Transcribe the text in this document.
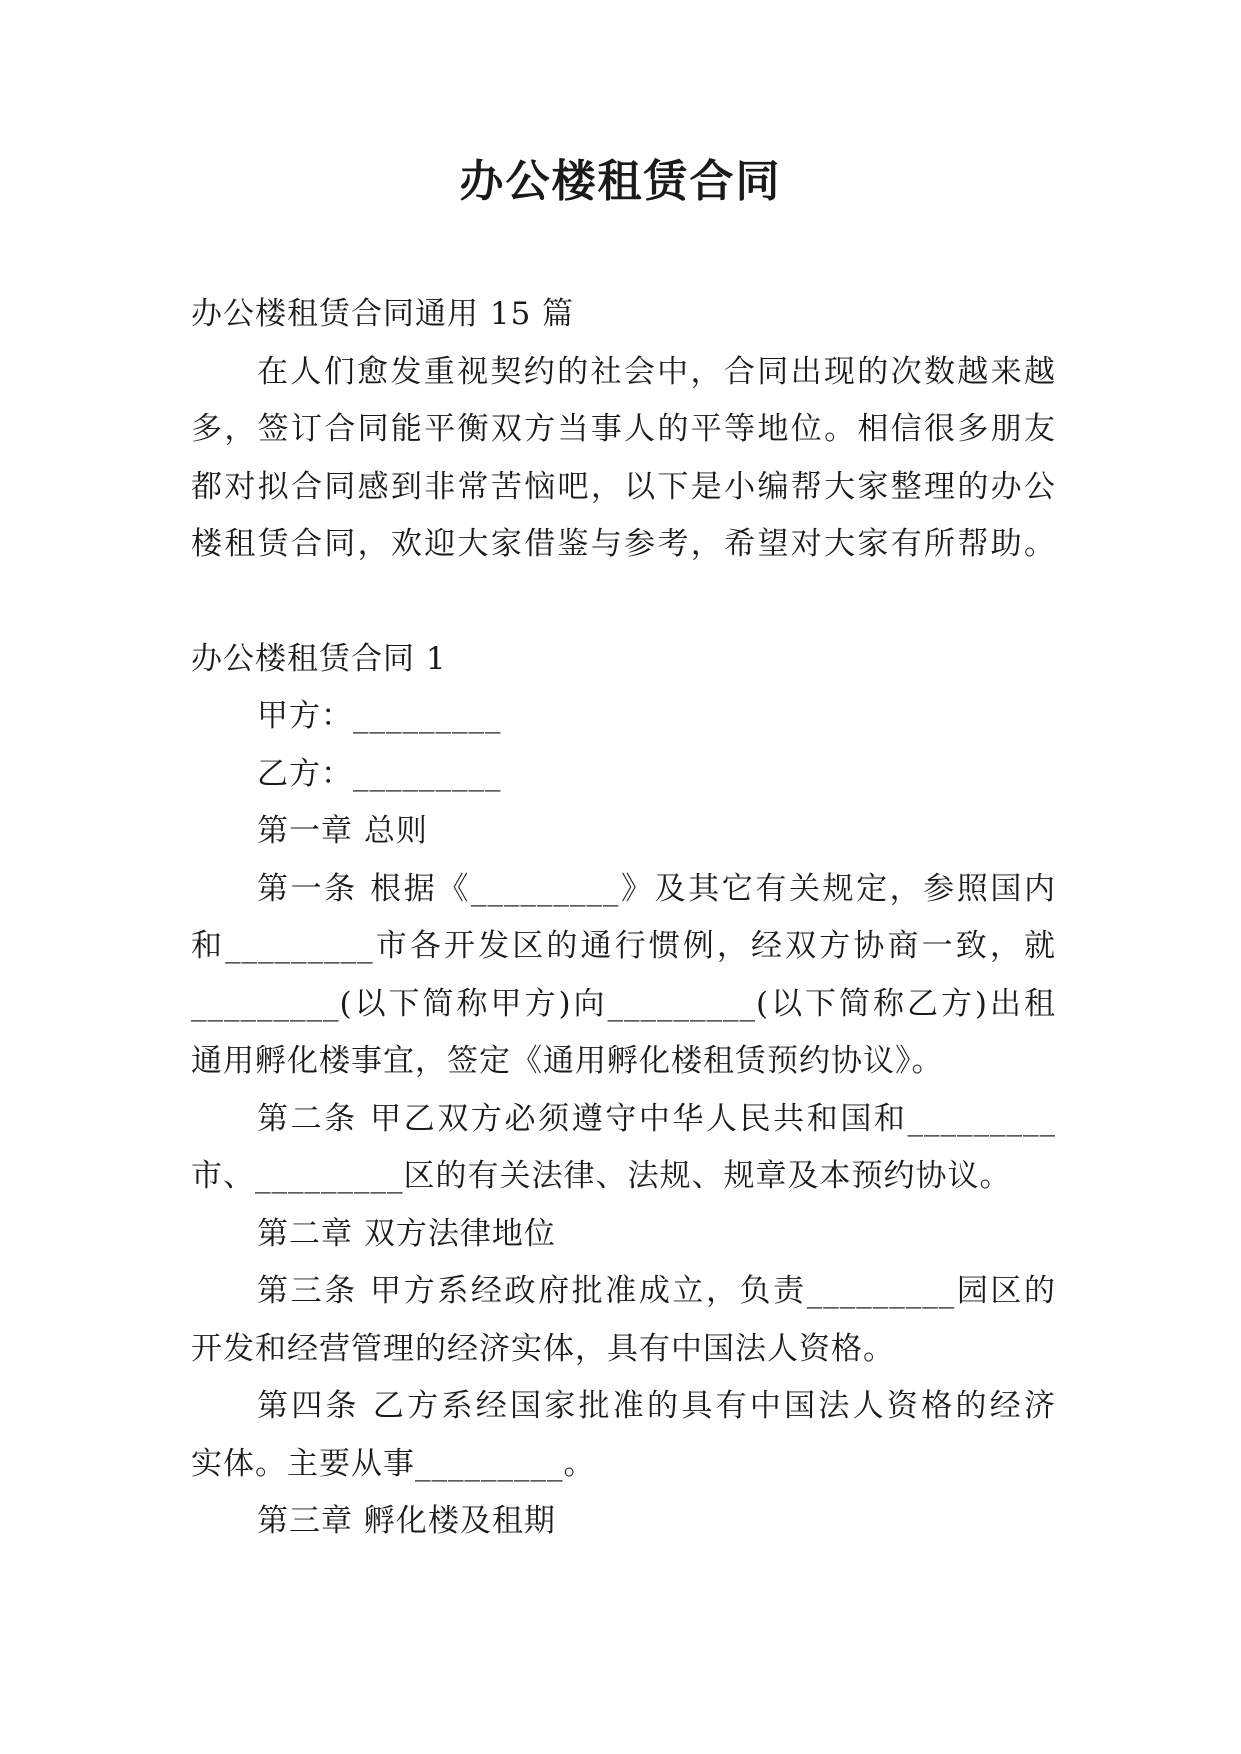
办公楼租赁合同
办公楼租赁合同通用 15 篇
在人们愈发重视契约的社会中，合同出现的次数越来越
多，签订合同能平衡双方当事人的平等地位。相信很多朋友
都对拟合同感到非常苦恼吧，以下是小编帮大家整理的办公
楼租赁合同，欢迎大家借鉴与参考，希望对大家有所帮助。
办公楼租赁合同 1
甲方：_________
乙方：_________
第一章 总则
第一条 根据《_________》及其它有关规定，参照国内
和_________市各开发区的通行惯例，经双方协商一致，就
_________(以下简称甲方)向_________(以下简称乙方)出租
通用孵化楼事宜，签定《通用孵化楼租赁预约协议》。
第二条 甲乙双方必须遵守中华人民共和国和_________
市、_________区的有关法律、法规、规章及本预约协议。
第二章 双方法律地位
第三条 甲方系经政府批准成立，负责_________园区的
开发和经营管理的经济实体，具有中国法人资格。
第四条 乙方系经国家批准的具有中国法人资格的经济
实体。主要从事_________。
第三章 孵化楼及租期
